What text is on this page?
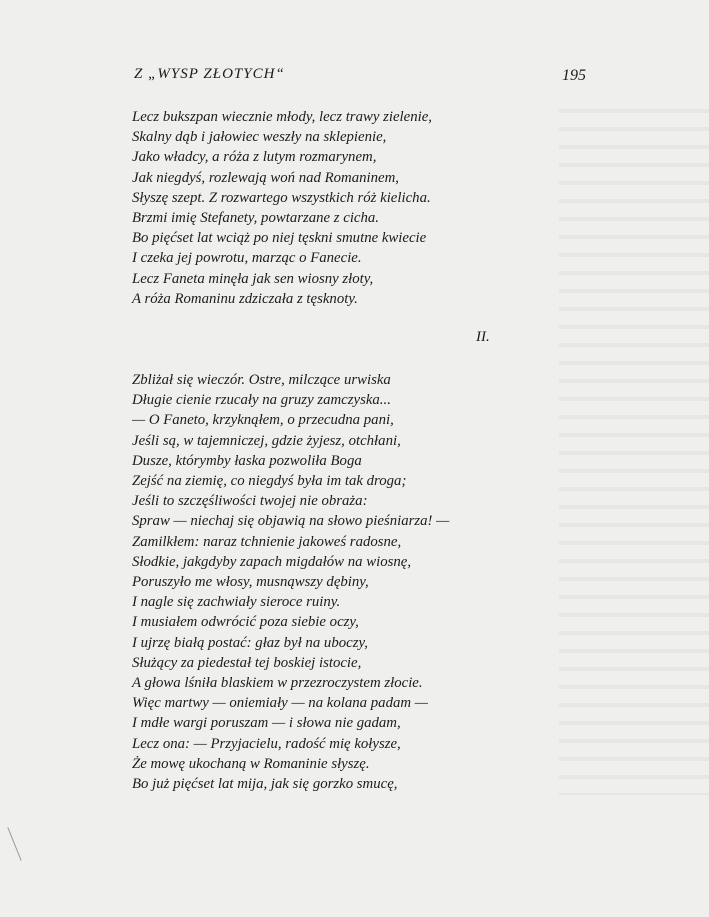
Z „WYSP ZŁOTYCH“	195
Lecz bukszpan wiecznie młody, lecz trawy zielenie,
Skalny dąb i jałowiec weszły na sklepienie,
Jako władcy, a róża z lutym rozmarynem,
Jak niegdyś, rozlewają woń nad Romaninem,
Słyszę szept. Z rozwartego wszystkich róż kielicha.
Brzmi imię Stefanety, powtarzane z cicha.
Bo pięćset lat wciąż po niej tęskni smutne kwiecie
I czeka jej powrotu, marząc o Fanecie.
Lecz Faneta minęła jak sen wiosny złoty,
A róża Romaninu zdziczała z tęsknoty.
II.
Zbliżał się wieczór. Ostre, milczące urwiska
Długie cienie rzucały na gruzy zamczyska...
— O Faneto, krzyknąłem, o przecudna pani,
Jeśli są, w tajemniczej, gdzie żyjesz, otchłani,
Dusze, którymby łaska pozwoliła Boga
Zejść na ziemię, co niegdyś była im tak droga;
Jeśli to szczęśliwości twojej nie obraża:
Spraw — niechaj się objawią na słowo pieśniarza! —
Zamilkłem: naraz tchnienie jakoweś radosne,
Słodkie, jakgdyby zapach migdałów na wiosnę,
Poruszyło me włosy, musnąwszy dębiny,
I nagle się zachwiały sieroce ruiny.
I musiałem odwrócić poza siebie oczy,
I ujrzę białą postać: głaz był na uboczy,
Służący za piedestał tej boskiej istocie,
A głowa lśniła blaskiem w przezroczystem złocie.
Więc martwy — oniemiały — na kolana padam —
I mdłe wargi poruszam — i słowa nie gadam,
Lecz ona: — Przyjacielu, radość mię kołysze,
Że mowę ukochaną w Romaninie słyszę.
Bo już pięćset lat mija, jak się gorzko smucę,
